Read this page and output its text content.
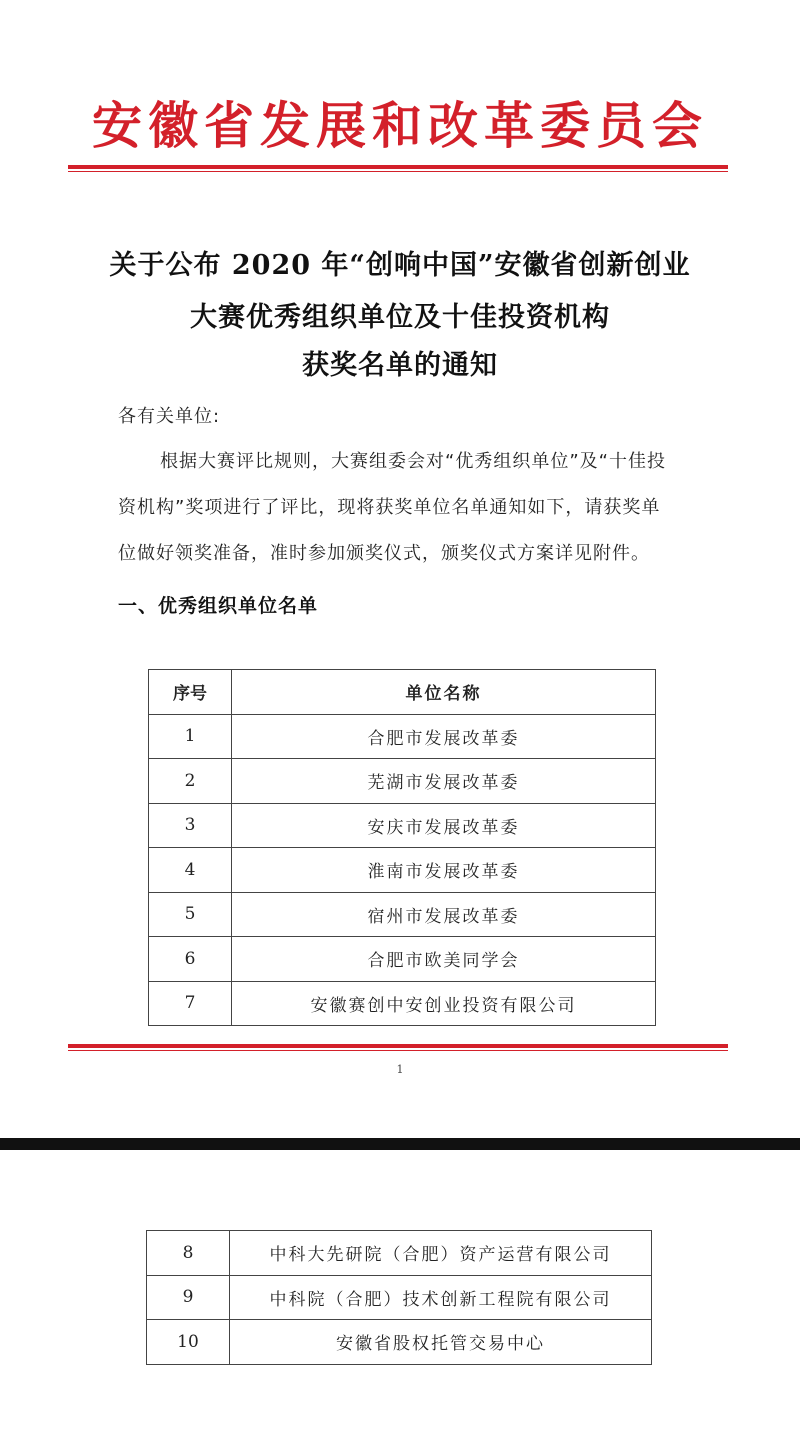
安徽省发展和改革委员会
关于公布 2020 年“创响中国”安徽省创新创业
大赛优秀组织单位及十佳投资机构
获奖名单的通知
各有关单位:
根据大赛评比规则，大赛组委会对“优秀组织单位”及“十佳投
资机构”奖项进行了评比，现将获奖单位名单通知如下，请获奖单
位做好领奖准备，准时参加颁奖仪式，颁奖仪式方案详见附件。
一、优秀组织单位名单
序号	单位名称
1	合肥市发展改革委
2	芜湖市发展改革委
3	安庆市发展改革委
4	淮南市发展改革委
5	宿州市发展改革委
6	合肥市欧美同学会
7	安徽赛创中安创业投资有限公司
1
8	中科大先研院（合肥）资产运营有限公司
9	中科院（合肥）技术创新工程院有限公司
10	安徽省股权托管交易中心
